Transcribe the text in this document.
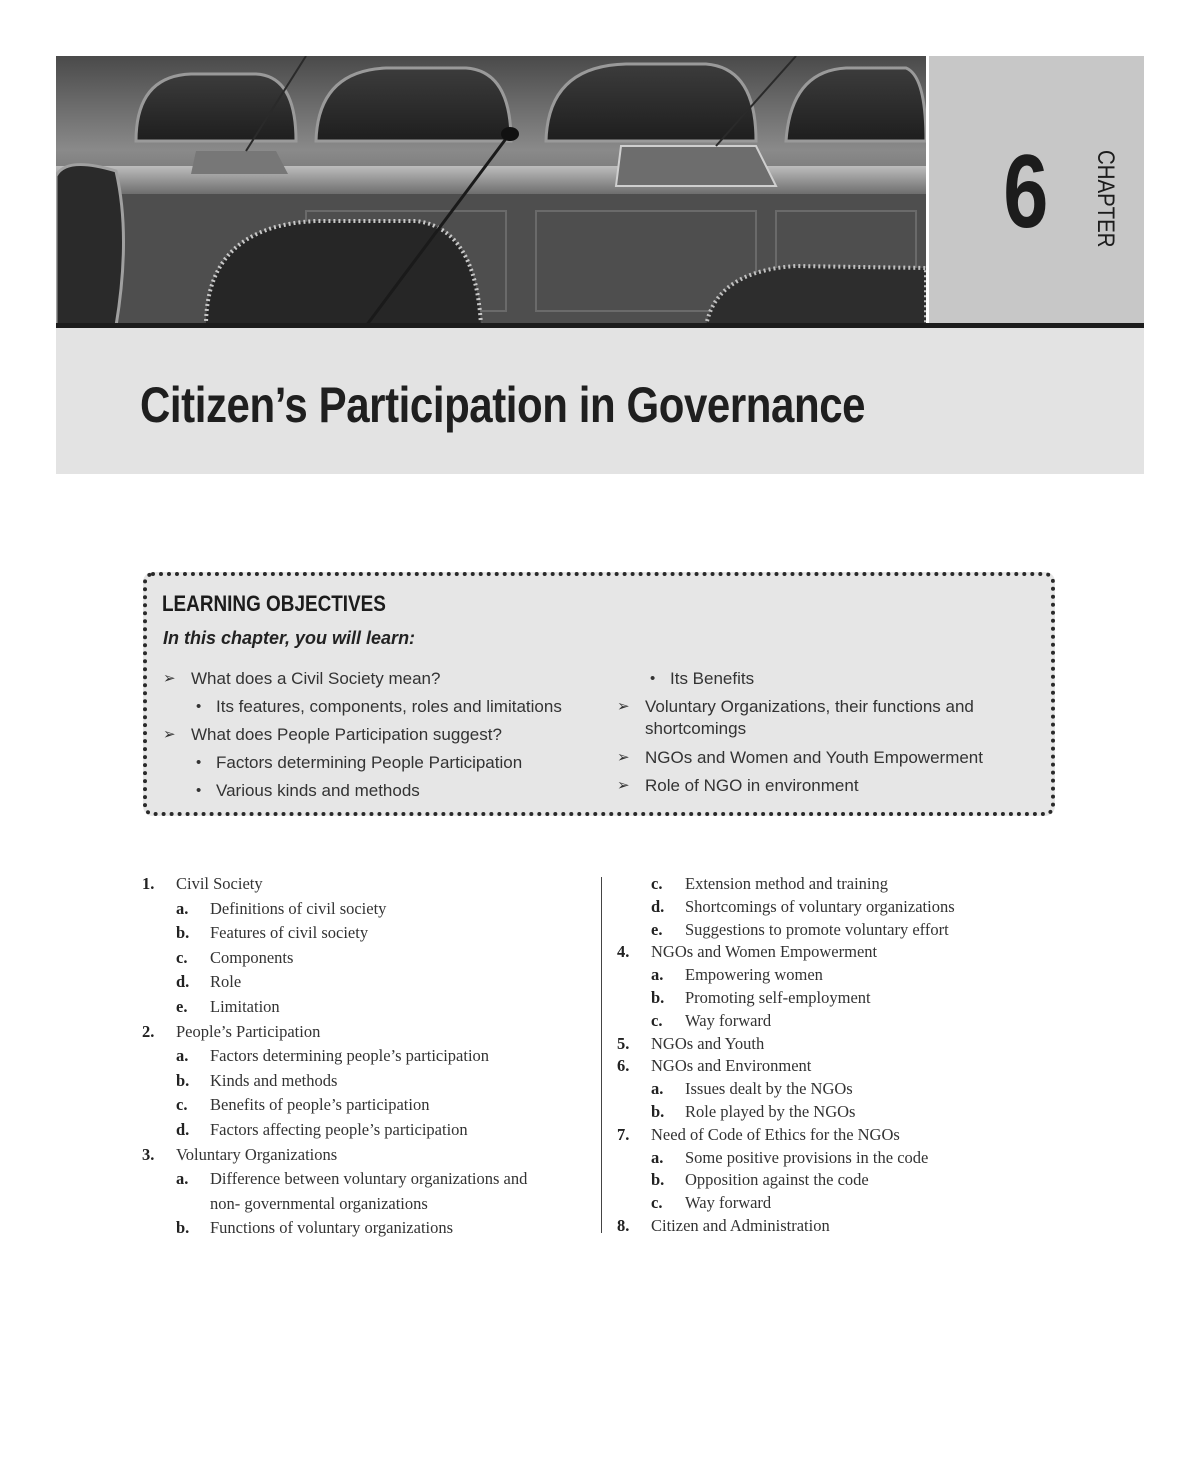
6 CHAPTER
Citizen’s Participation in Governance
LEARNING OBJECTIVES
In this chapter, you will learn:
➢ What does a Civil Society mean?
• Its features, components, roles and limitations
➢ What does People Participation suggest?
• Factors determining People Participation
• Various kinds and methods
• Its Benefits
➢ Voluntary Organizations, their functions and shortcomings
➢ NGOs and Women and Youth Empowerment
➢ Role of NGO in environment
1. Civil Society
a. Definitions of civil society
b. Features of civil society
c. Components
d. Role
e. Limitation
2. People’s Participation
a. Factors determining people’s participation
b. Kinds and methods
c. Benefits of people’s participation
d. Factors affecting people’s participation
3. Voluntary Organizations
a. Difference between voluntary organizations and
non- governmental organizations
b. Functions of voluntary organizations
c. Extension method and training
d. Shortcomings of voluntary organizations
e. Suggestions to promote voluntary effort
4. NGOs and Women Empowerment
a. Empowering women
b. Promoting self-employment
c. Way forward
5. NGOs and Youth
6. NGOs and Environment
a. Issues dealt by the NGOs
b. Role played by the NGOs
7. Need of Code of Ethics for the NGOs
a. Some positive provisions in the code
b. Opposition against the code
c. Way forward
8. Citizen and Administration
